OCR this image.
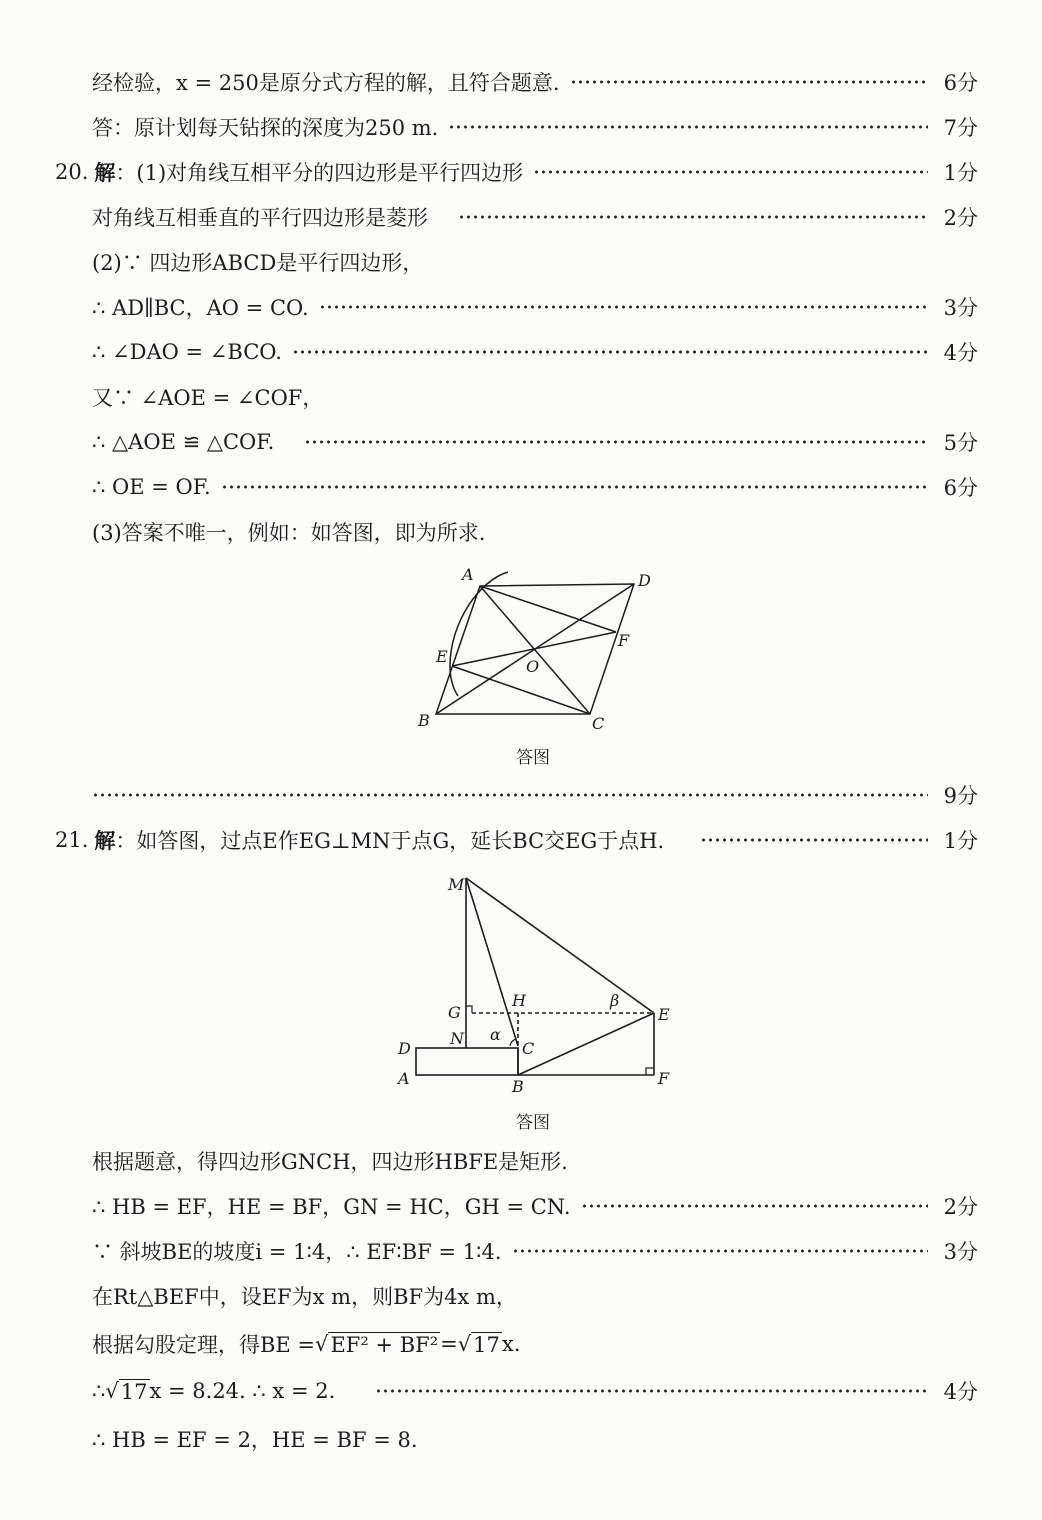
经检验，x = 250是原分式方程的解，且符合题意.	6分
答：原计划每天钻探的深度为250 m.	7分
20. 解 ：(1)对角线互相平分的四边形是平行四边形	1分
对角线互相垂直的平行四边形是菱形	2分
(2)∵ 四边形ABCD是平行四边形，
∴ AD∥BC，AO = CO.	3分
∴ ∠DAO = ∠BCO.	4分
又∵ ∠AOE = ∠COF，
∴ △AOE ≌ △COF.	5分
∴ OE = OF.	6分
(3)答案不唯一，例如：如答图，即为所求.
A	D
E
F
O
B	C
答图
9分
21. 解 ：如答图，过点E作EG⊥MN于点G，延长BC交EG于点H.	1分
M
G
H	β
E
N α
C
D
A	B	F
答图
根据题意，得四边形GNCH，四边形HBFE是矩形.
∴ HB = EF，HE = BF，GN = HC，GH = CN.	2分
∵ 斜坡BE的坡度i = 1∶4，∴ EF∶BF = 1∶4.	3分
在Rt△BEF中，设EF为x m，则BF为4x m，
根据勾股定理，得BE = √ EF² + BF² = √ 17 x.
∴ √ 17 x = 8.24. ∴ x = 2.	4分
∴ HB = EF = 2，HE = BF = 8.
